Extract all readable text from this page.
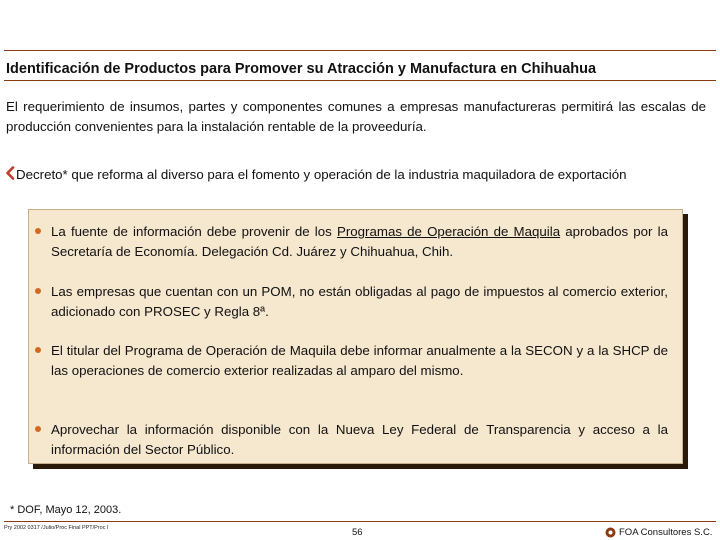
Identificación de Productos para Promover su Atracción y Manufactura en Chihuahua
El requerimiento de insumos, partes y componentes comunes a empresas manufactureras permitirá las escalas de producción convenientes para la instalación rentable de la proveeduría.
Decreto* que reforma al diverso para el fomento y operación de la industria maquiladora de exportación
La fuente de información debe provenir de los Programas de Operación de Maquila aprobados por la Secretaría de Economía. Delegación Cd. Juárez y Chihuahua, Chih.
Las empresas que cuentan con un POM, no están obligadas al pago de impuestos al comercio exterior, adicionado con PROSEC y Regla 8ª.
El titular del Programa de Operación de Maquila debe informar anualmente a la SECON y a la SHCP de las operaciones de comercio exterior realizadas al amparo del mismo.
Aprovechar la información disponible con la Nueva Ley Federal de Transparencia y acceso a la información del Sector Público.
* DOF, Mayo 12, 2003.
Pry 2002 0317 /Julio/Proc Final PPT/Proc I	56	FOA Consultores S.C.
